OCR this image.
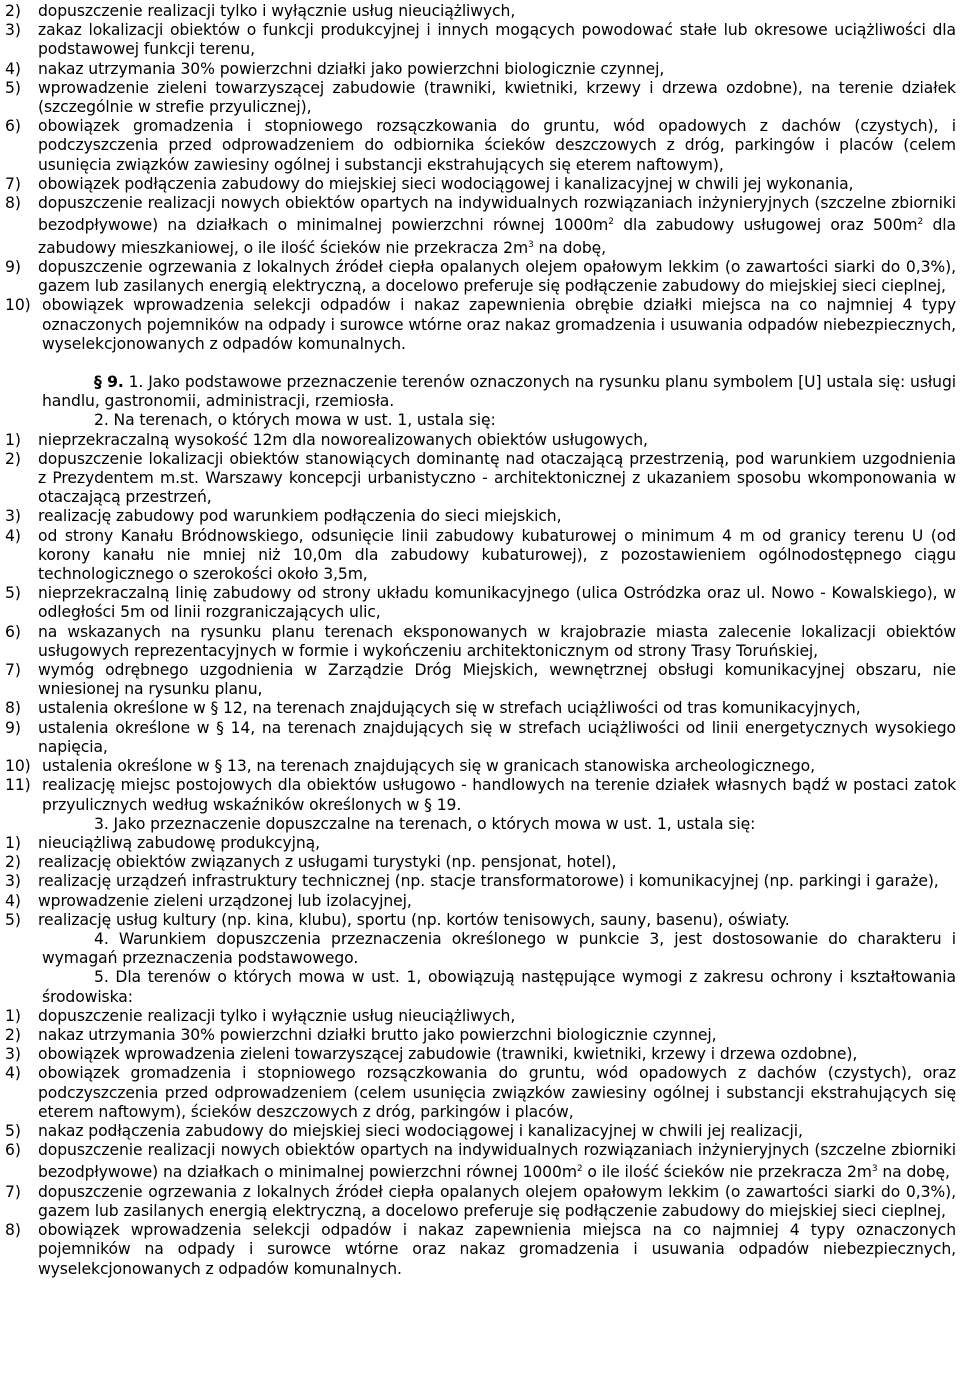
2)	dopuszczenie realizacji tylko i wyłącznie usług nieuciążliwych,
3)	zakaz lokalizacji obiektów o funkcji produkcyjnej i innych mogących powodować stałe lub okresowe uciążliwości dla podstawowej funkcji terenu,
4)	nakaz utrzymania 30% powierzchni działki jako powierzchni biologicznie czynnej,
5)	wprowadzenie zieleni towarzyszącej zabudowie (trawniki, kwietniki, krzewy i drzewa ozdobne), na terenie działek (szczególnie w strefie przyulicznej),
6)	obowiązek gromadzenia i stopniowego rozsączkowania do gruntu, wód opadowych z dachów (czystych), i podczyszczenia przed odprowadzeniem do odbiornika ścieków deszczowych z dróg, parkingów i placów (celem usunięcia związków zawiesiny ogólnej i substancji ekstrahujących się eterem naftowym),
7)	obowiązek podłączenia zabudowy do miejskiej sieci wodociągowej i kanalizacyjnej w chwili jej wykonania,
8)	dopuszczenie realizacji nowych obiektów opartych na indywidualnych rozwiązaniach inżynieryjnych (szczelne zbiorniki bezodpływowe) na działkach o minimalnej powierzchni równej $1000m^2$ dla zabudowy usługowej oraz $500m^2$ dla zabudowy mieszkaniowej, o ile ilość ścieków nie przekracza $2m^3$ na dobę,
9)	dopuszczenie ogrzewania z lokalnych źródeł ciepła opalanych olejem opałowym lekkim (o zawartości siarki do 0,3%), gazem lub zasilanych energią elektryczną, a docelowo preferuje się podłączenie zabudowy do miejskiej sieci cieplnej,
10) obowiązek wprowadzenia selekcji odpadów i nakaz zapewnienia obrębie działki miejsca na co najmniej 4 typy oznaczonych pojemników na odpady i surowce wtórne oraz nakaz gromadzenia i usuwania odpadów niebezpiecznych, wyselekcjonowanych z odpadów komunalnych.

§ 9. 1. Jako podstawowe przeznaczenie terenów oznaczonych na rysunku planu symbolem [U] ustala się: usługi handlu, gastronomii, administracji, rzemiosła.

2. Na terenach, o których mowa w ust. 1, ustala się:

1)	nieprzekraczalną wysokość 12m dla noworealizowanych obiektów usługowych,
2)	dopuszczenie lokalizacji obiektów stanowiących dominantę nad otaczającą przestrzenią, pod warunkiem uzgodnienia z Prezydentem m.st. Warszawy koncepcji urbanistyczno - architektonicznej z ukazaniem sposobu wkomponowania w otaczającą przestrzeń,
3)	realizację zabudowy pod warunkiem podłączenia do sieci miejskich,
4)	od strony Kanału Bródnowskiego, odsunięcie linii zabudowy kubaturowej o minimum 4 m od granicy terenu U (od korony kanału nie mniej niż 10,0m dla zabudowy kubaturowej), z pozostawieniem ogólnodostępnego ciągu technologicznego o szerokości około 3,5m,
5)	nieprzekraczalną linię zabudowy od strony układu komunikacyjnego (ulica Ostródzka oraz ul. Nowo - Kowalskiego), w odległości 5m od linii rozgraniczających ulic,
6)	na wskazanych na rysunku planu terenach eksponowanych w krajobrazie miasta zalecenie lokalizacji obiektów usługowych reprezentacyjnych w formie i wykończeniu architektonicznym od strony Trasy Toruńskiej,
7)	wymóg odrębnego uzgodnienia w Zarządzie Dróg Miejskich, wewnętrznej obsługi komunikacyjnej obszaru, nie wniesionej na rysunku planu,
8)	ustalenia określone w § 12, na terenach znajdujących się w strefach uciążliwości od tras komunikacyjnych,
9)	ustalenia określone w § 14, na terenach znajdujących się w strefach uciążliwości od linii energetycznych wysokiego napięcia,
10) ustalenia określone w § 13, na terenach znajdujących się w granicach stanowiska archeologicznego,
11) realizację miejsc postojowych dla obiektów usługowo - handlowych na terenie działek własnych bądź w postaci zatok przyulicznych według wskaźników określonych w § 19.

3. Jako przeznaczenie dopuszczalne na terenach, o których mowa w ust. 1, ustala się:

1)	nieuciążliwą zabudowę produkcyjną,
2)	realizację obiektów związanych z usługami turystyki (np. pensjonat, hotel),
3)	realizację urządzeń infrastruktury technicznej (np. stacje transformatorowe) i komunikacyjnej (np. parkingi i garaże),
4)	wprowadzenie zieleni urządzonej lub izolacyjnej,
5)	realizację usług kultury (np. kina, klubu), sportu (np. kortów tenisowych, sauny, basenu), oświaty.

4. Warunkiem dopuszczenia przeznaczenia określonego w punkcie 3, jest dostosowanie do charakteru i wymagań przeznaczenia podstawowego.

5. Dla terenów o których mowa w ust. 1, obowiązują następujące wymogi z zakresu ochrony i kształtowania środowiska:

1)	dopuszczenie realizacji tylko i wyłącznie usług nieuciążliwych,
2)	nakaz utrzymania 30% powierzchni działki brutto jako powierzchni biologicznie czynnej,
3)	obowiązek wprowadzenia zieleni towarzyszącej zabudowie (trawniki, kwietniki, krzewy i drzewa ozdobne),
4)	obowiązek gromadzenia i stopniowego rozsączkowania do gruntu, wód opadowych z dachów (czystych), oraz podczyszczenia przed odprowadzeniem (celem usunięcia związków zawiesiny ogólnej i substancji ekstrahujących się eterem naftowym), ścieków deszczowych z dróg, parkingów i placów,
5)	nakaz podłączenia zabudowy do miejskiej sieci wodociągowej i kanalizacyjnej w chwili jej realizacji,
6)	dopuszczenie realizacji nowych obiektów opartych na indywidualnych rozwiązaniach inżynieryjnych (szczelne zbiorniki bezodpływowe) na działkach o minimalnej powierzchni równej $1000m^2$ o ile ilość ścieków nie przekracza $2m^3$ na dobę,
7)	dopuszczenie ogrzewania z lokalnych źródeł ciepła opalanych olejem opałowym lekkim (o zawartości siarki do 0,3%), gazem lub zasilanych energią elektryczną, a docelowo preferuje się podłączenie zabudowy do miejskiej sieci cieplnej,
8)	obowiązek wprowadzenia selekcji odpadów i nakaz zapewnienia miejsca na co najmniej 4 typy oznaczonych pojemników na odpady i surowce wtórne oraz nakaz gromadzenia i usuwania odpadów niebezpiecznych, wyselekcjonowanych z odpadów komunalnych.
